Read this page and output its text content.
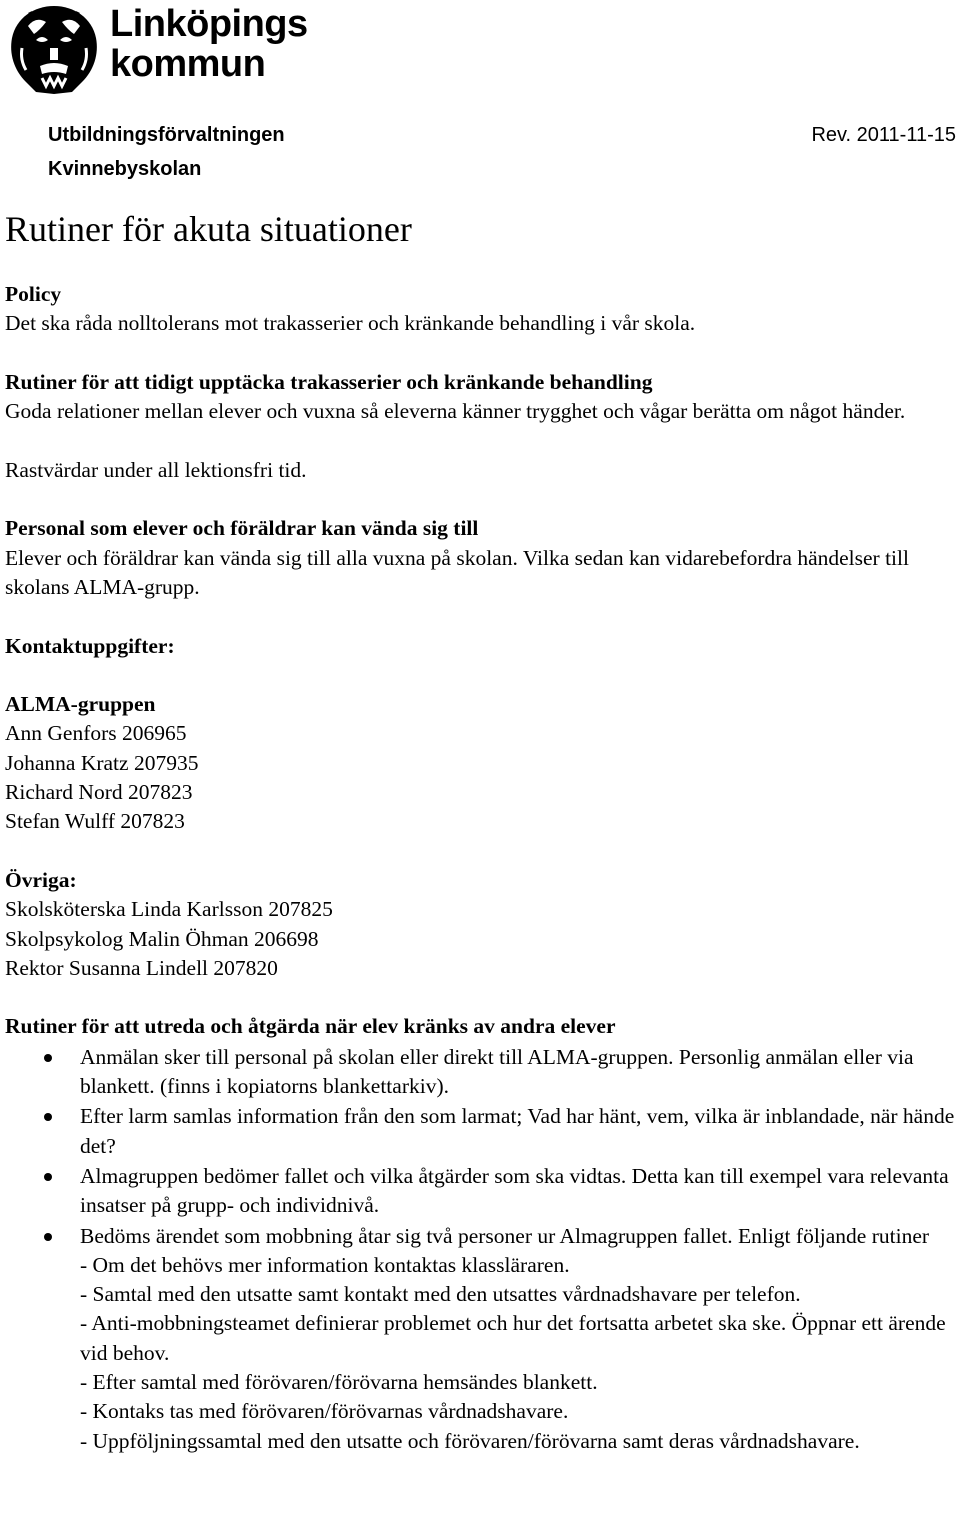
Linköpings
kommun
Utbildningsförvaltningen
Kvinnebyskolan
Rev. 2011-11-15
Rutiner för akuta situationer

Policy

Det ska råda nolltolerans mot trakasserier och kränkande behandling i vår skola.

Rutiner för att tidigt upptäcka trakasserier och kränkande behandling

Goda relationer mellan elever och vuxna så eleverna känner trygghet och vågar berätta om något händer.

Rastvärdar under all lektionsfri tid.

Personal som elever och föräldrar kan vända sig till

Elever och föräldrar kan vända sig till alla vuxna på skolan. Vilka sedan kan vidarebefordra händelser till skolans ALMA-grupp.

Kontaktuppgifter:

ALMA-gruppen

Ann Genfors 206965

Johanna Kratz 207935

Richard Nord 207823

Stefan Wulff 207823

Övriga:

Skolsköterska Linda Karlsson 207825

Skolpsykolog Malin Öhman 206698

Rektor Susanna Lindell 207820

Rutiner för att utreda och åtgärda när elev kränks av andra elever

Anmälan sker till personal på skolan eller direkt till ALMA-gruppen. Personlig anmälan eller via blankett. (finns i kopiatorns blankettarkiv).
Efter larm samlas information från den som larmat; Vad har hänt, vem, vilka är inblandade, när hände det?
Almagruppen bedömer fallet och vilka åtgärder som ska vidtas. Detta kan till exempel vara relevanta insatser på grupp- och individnivå.
Bedöms ärendet som mobbning åtar sig två personer ur Almagruppen fallet. Enligt följande rutiner

- Om det behövs mer information kontaktas klassläraren.

- Samtal med den utsatte samt kontakt med den utsattes vårdnadshavare per telefon.

- Anti-mobbningsteamet definierar problemet och hur det fortsatta arbetet ska ske. Öppnar ett ärende vid behov.

- Efter samtal med förövaren/förövarna hemsändes blankett.

- Kontaks tas med förövaren/förövarnas vårdnadshavare.

- Uppföljningssamtal med den utsatte och förövaren/förövarna samt deras vårdnadshavare.
